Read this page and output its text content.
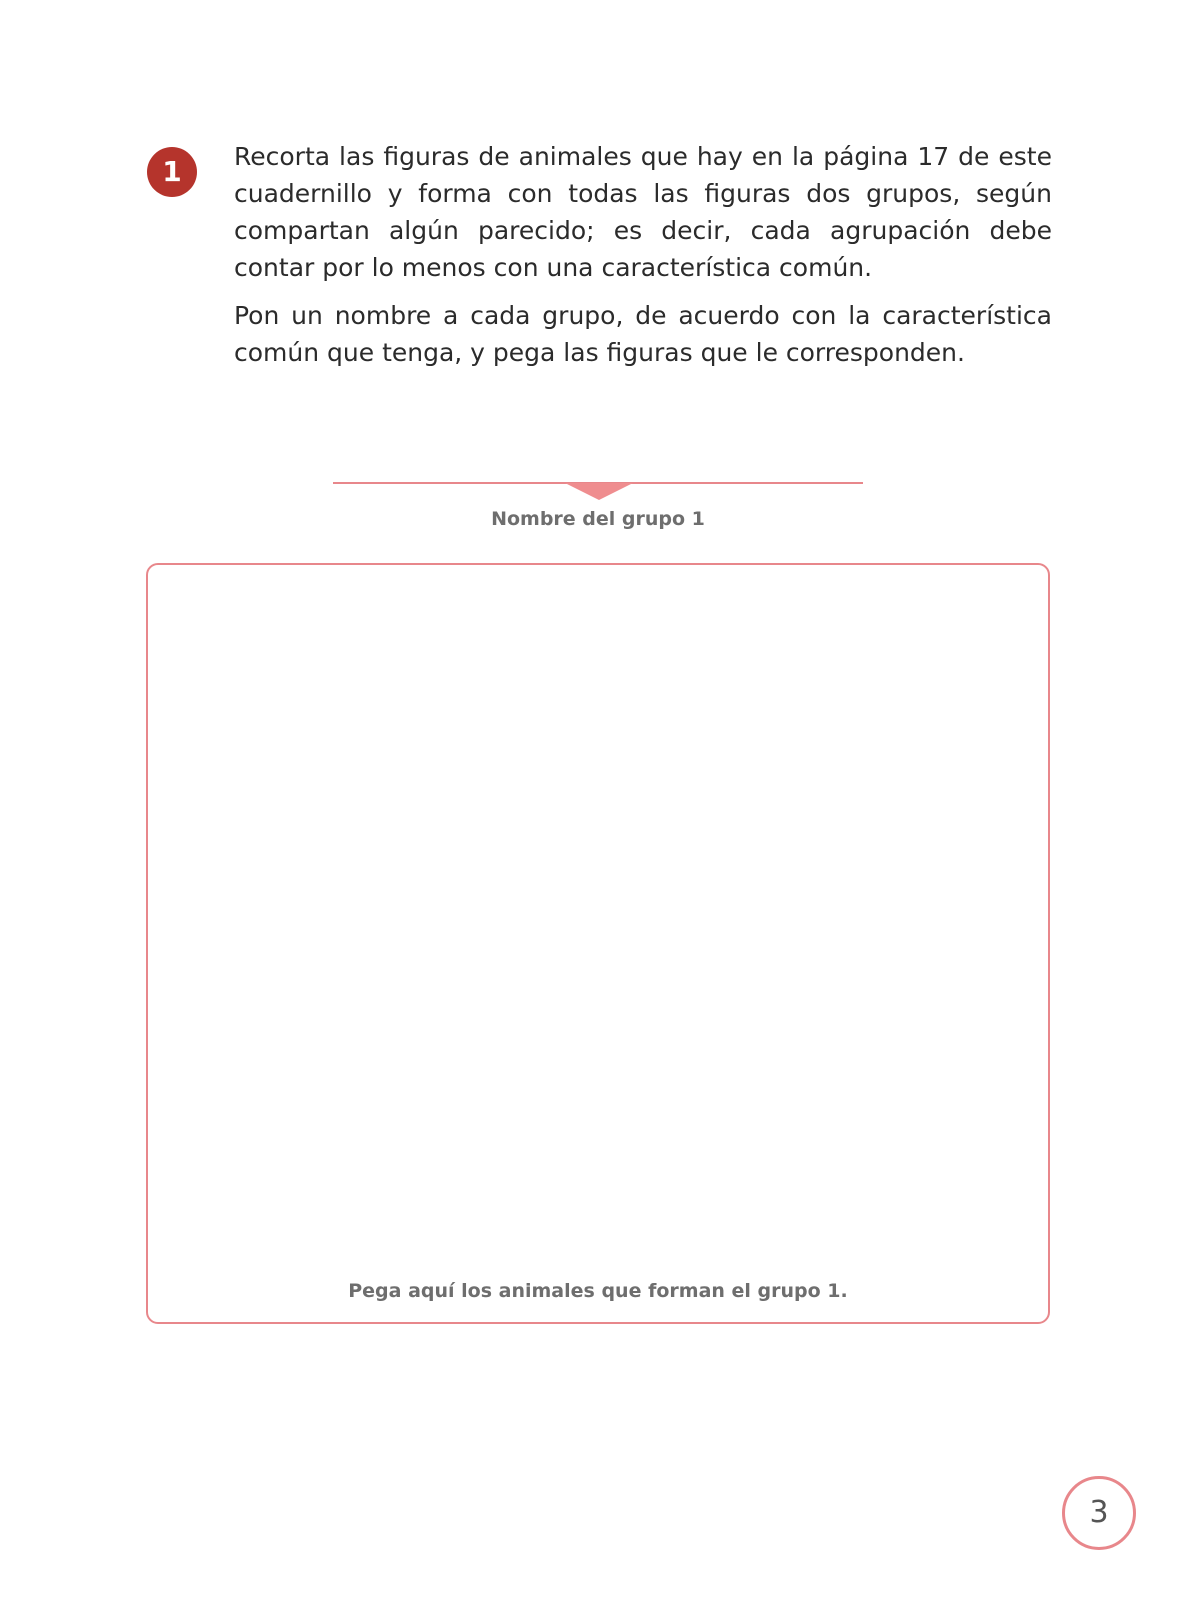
1	Recorta las figuras de animales que hay en la página 17 de este cuadernillo y forma con todas las figuras dos grupos, según compartan algún parecido; es decir, cada agrupación debe contar por lo menos con una característica común.

Pon un nombre a cada grupo, de acuerdo con la característica común que tenga, y pega las figuras que le corresponden.

Nombre del grupo 1
Pega aquí los animales que forman el grupo 1.
3
